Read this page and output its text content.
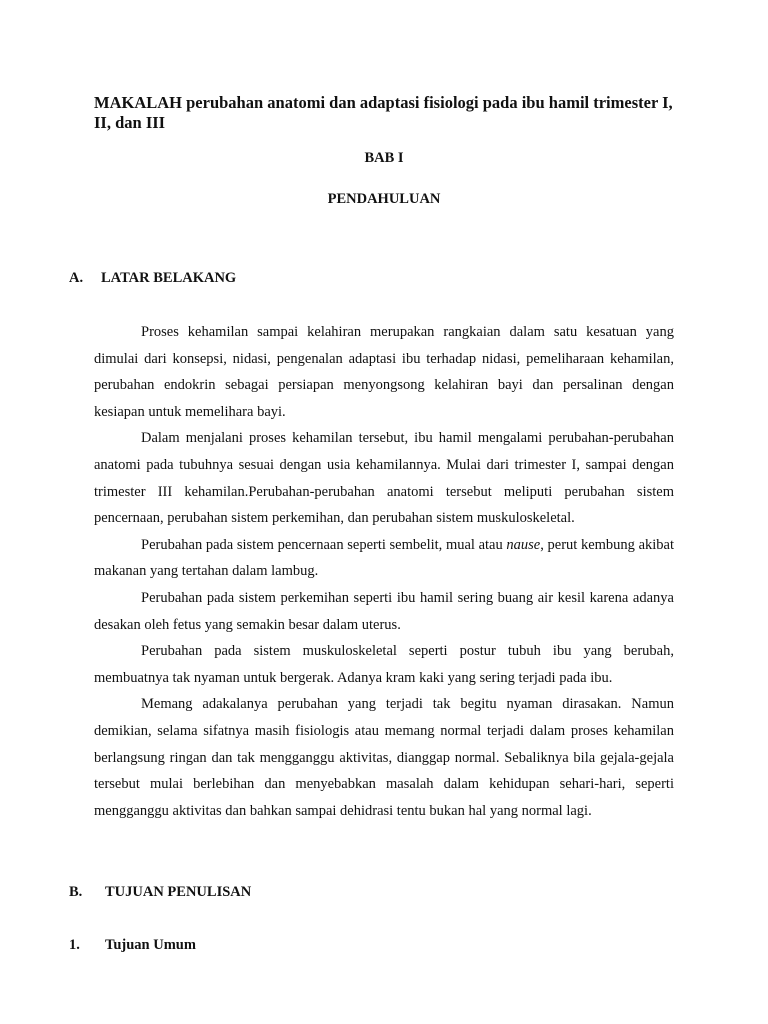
MAKALAH perubahan anatomi dan adaptasi fisiologi pada ibu hamil trimester I, II, dan III
BAB I
PENDAHULUAN
A. LATAR BELAKANG

Proses kehamilan sampai kelahiran merupakan rangkaian dalam satu kesatuan yang dimulai dari konsepsi, nidasi, pengenalan adaptasi ibu terhadap nidasi, pemeliharaan kehamilan, perubahan endokrin sebagai persiapan menyongsong kelahiran bayi dan persalinan dengan kesiapan untuk memelihara bayi.

Dalam menjalani proses kehamilan tersebut, ibu hamil mengalami perubahan-perubahan anatomi pada tubuhnya sesuai dengan usia kehamilannya. Mulai dari trimester I, sampai dengan trimester III kehamilan.Perubahan-perubahan anatomi tersebut meliputi perubahan sistem pencernaan, perubahan sistem perkemihan, dan perubahan sistem muskuloskeletal.

Perubahan pada sistem pencernaan seperti sembelit, mual atau nause, perut kembung akibat makanan yang tertahan dalam lambug.

Perubahan pada sistem perkemihan seperti ibu hamil sering buang air kesil karena adanya desakan oleh fetus yang semakin besar dalam uterus.

Perubahan pada sistem muskuloskeletal seperti postur tubuh ibu yang berubah, membuatnya tak nyaman untuk bergerak. Adanya kram kaki yang sering terjadi pada ibu.

Memang adakalanya perubahan yang terjadi tak begitu nyaman dirasakan. Namun demikian, selama sifatnya masih fisiologis atau memang normal terjadi dalam proses kehamilan berlangsung ringan dan tak mengganggu aktivitas, dianggap normal. Sebaliknya bila gejala-gejala tersebut mulai berlebihan dan menyebabkan masalah dalam kehidupan sehari-hari, seperti mengganggu aktivitas dan bahkan sampai dehidrasi tentu bukan hal yang normal lagi.

B. TUJUAN PENULISAN
1. Tujuan Umum
